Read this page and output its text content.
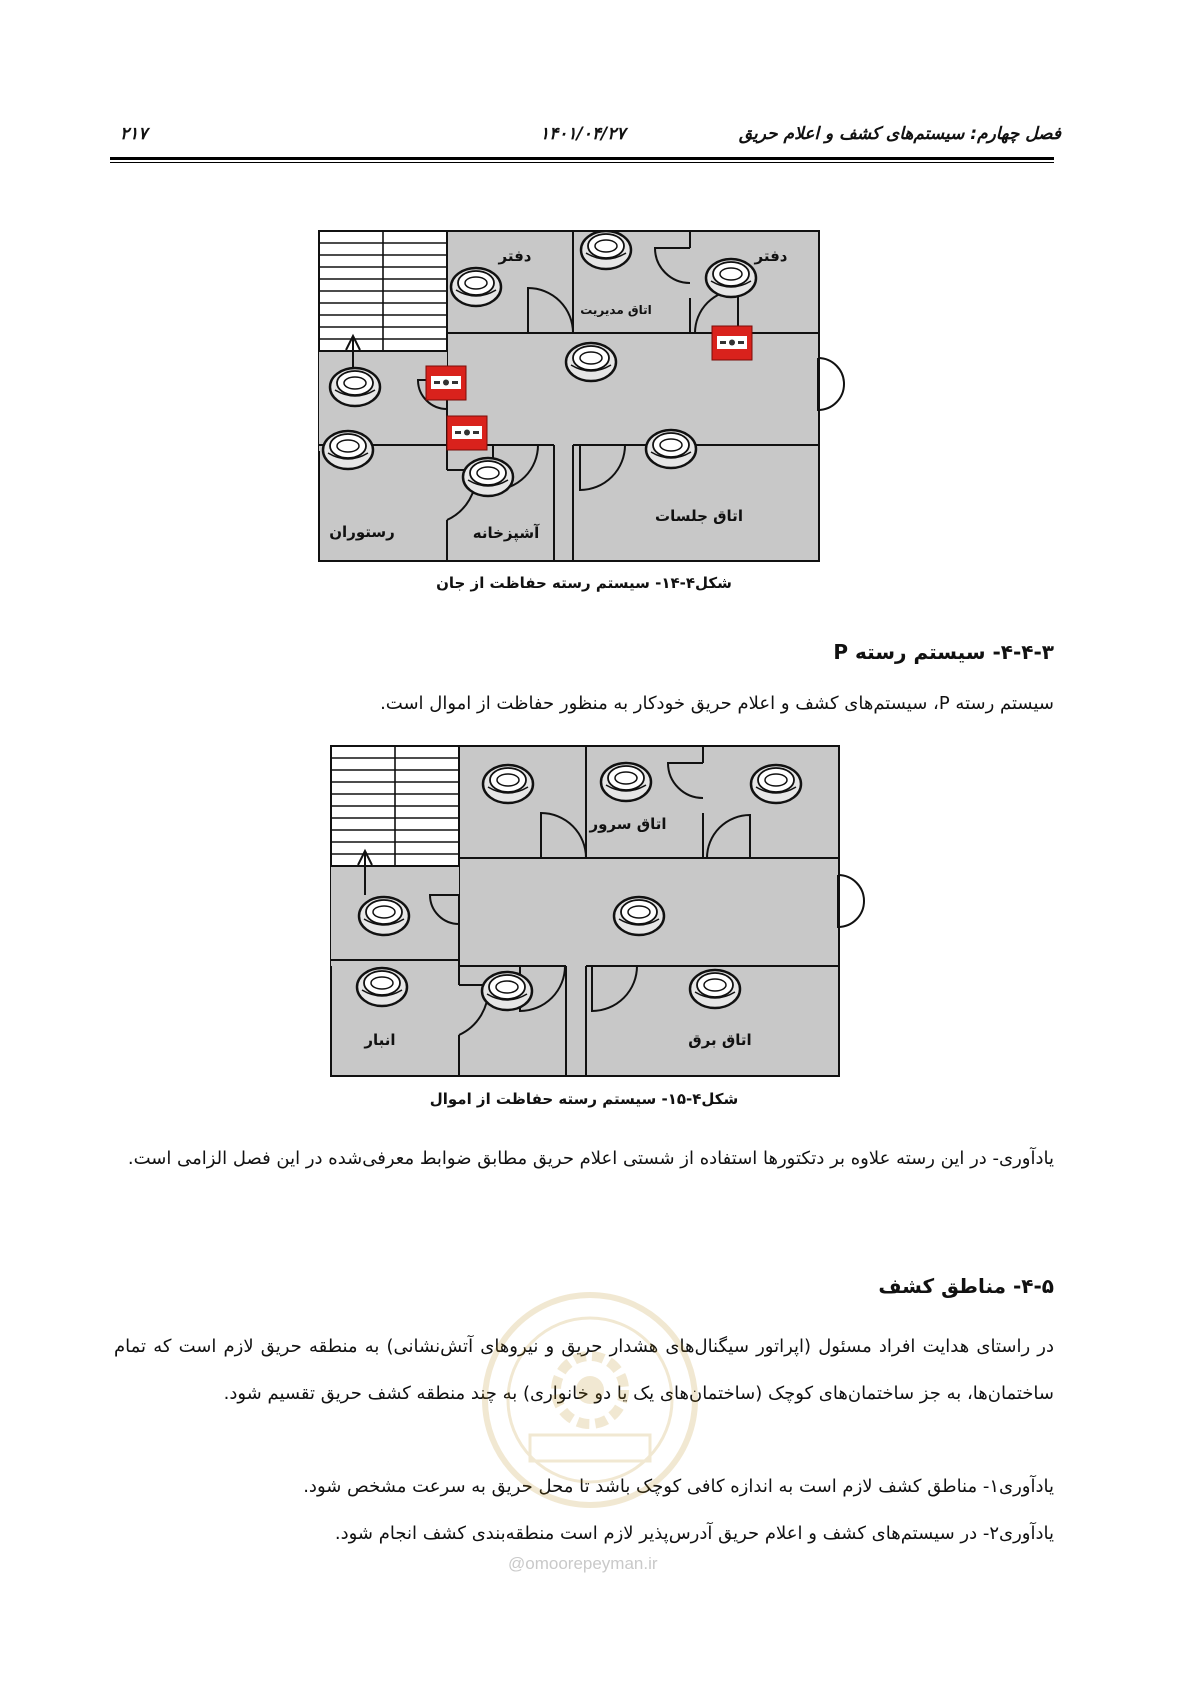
فصل چهارم: سیستم‌های کشف و اعلام حریق
۱۴۰۱/۰۴/۲۷
۲۱۷
دفتر
اتاق مدیریت
دفتر
رستوران	آشپزخانه
اتاق جلسات
شکل۴-۱۴- سیستم رسته حفاظت از جان
۴-۴-۳- سیستم رسته P
سیستم رسته P، سیستم‌های کشف و اعلام حریق خودکار به منظور حفاظت از اموال است.
اتاق سرور
انبار	اتاق برق
شکل۴-۱۵- سیستم رسته حفاظت از اموال
یادآوری- در این رسته علاوه بر دتکتورها استفاده از شستی اعلام حریق مطابق ضوابط معرفی‌شده در این فصل الزامی است.
۴-۵- مناطق کشف
در راستای هدایت افراد مسئول (اپراتور سیگنال‌های هشدار حریق و نیروهای آتش‌نشانی) به منطقه حریق لازم است که تمام ساختمان‌ها، به جز ساختمان‌های کوچک (ساختمان‌های یک یا دو خانواری) به چند منطقه کشف حریق تقسیم شود.
یادآوری۱- مناطق کشف لازم است به اندازه کافی کوچک باشد تا محل حریق به سرعت مشخص شود.
یادآوری۲- در سیستم‌های کشف و اعلام حریق آدرس‌پذیر لازم است منطقه‌بندی کشف انجام شود.
@omoorepeyman.ir
